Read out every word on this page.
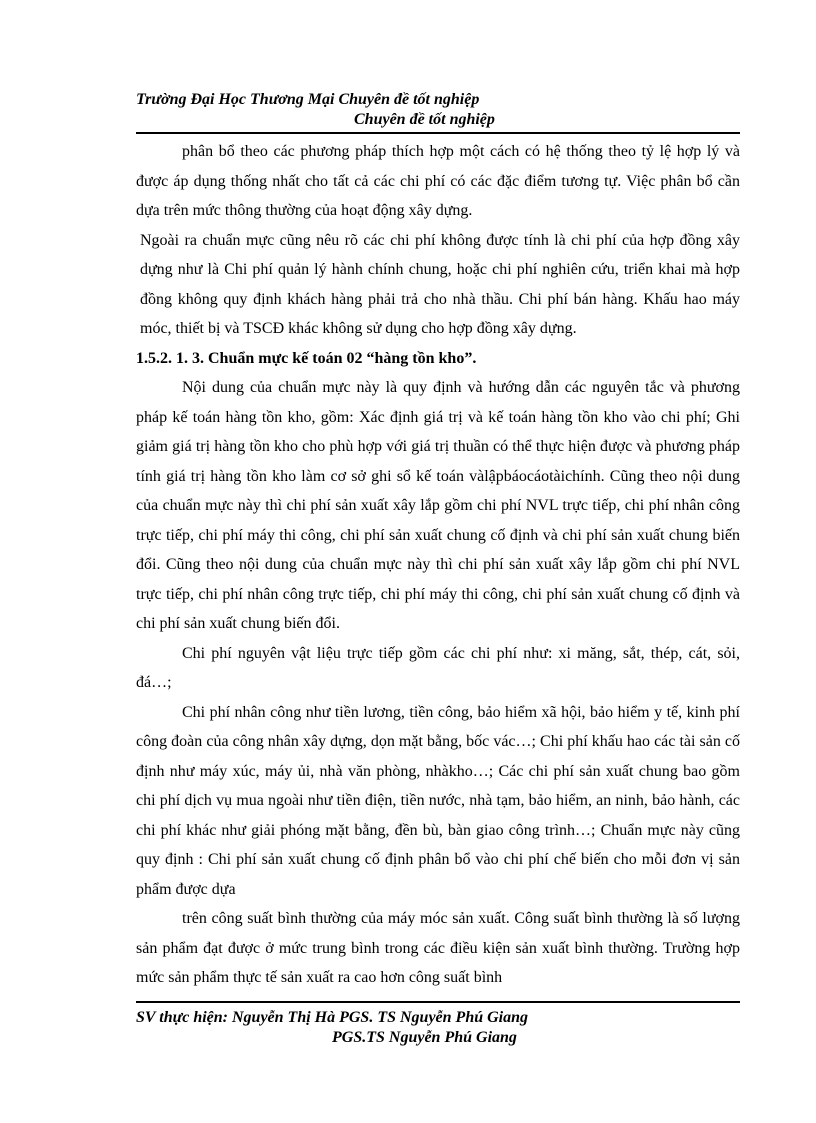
Trường Đại Học Thương Mại Chuyên đề tốt nghiệp
Chuyên đề tốt nghiệp

phân bổ theo các phương pháp thích hợp một cách có hệ thống theo tỷ lệ hợp lý và được áp dụng thống nhất cho tất cả các chi phí có các đặc điểm tương tự. Việc phân bổ cần dựa trên mức thông thường của hoạt động xây dựng.

Ngoài ra chuẩn mực cũng nêu rõ các chi phí không được tính là chi phí của hợp đồng xây dựng như là Chi phí quản lý hành chính chung, hoặc chi phí nghiên cứu, triển khai mà hợp đồng không quy định khách hàng phải trả cho nhà thầu. Chi phí bán hàng. Khấu hao máy móc, thiết bị và TSCĐ khác không sử dụng cho hợp đồng xây dựng.

1.5.2. 1. 3. Chuẩn mực kế toán 02 “hàng tồn kho”.

Nội dung của chuẩn mực này là quy định và hướng dẫn các nguyên tắc và phương pháp kế toán hàng tồn kho, gồm: Xác định giá trị và kế toán hàng tồn kho vào chi phí; Ghi giảm giá trị hàng tồn kho cho phù hợp với giá trị thuần có thể thực hiện được và phương pháp tính giá trị hàng tồn kho làm cơ sở ghi sổ kế toán vàlậpbáocáotàichính. Cũng theo nội dung của chuẩn mực này thì chi phí sản xuất xây lắp gồm chi phí NVL trực tiếp, chi phí nhân công trực tiếp, chi phí máy thi công, chi phí sản xuất chung cố định và chi phí sản xuất chung biến đổi. Cũng theo nội dung của chuẩn mực này thì chi phí sản xuất xây lắp gồm chi phí NVL trực tiếp, chi phí nhân công trực tiếp, chi phí máy thi công, chi phí sản xuất chung cố định và chi phí sản xuất chung biến đổi.

Chi phí nguyên vật liệu trực tiếp gồm các chi phí như: xi măng, sắt, thép, cát, sỏi, đá…;

Chi phí nhân công như tiền lương, tiền công, bảo hiểm xã hội, bảo hiểm y tế, kinh phí công đoàn của công nhân xây dựng, dọn mặt bằng, bốc vác…; Chi phí khấu hao các tài sản cố định như máy xúc, máy ủi, nhà văn phòng, nhàkho…; Các chi phí sản xuất chung bao gồm chi phí dịch vụ mua ngoài như tiền điện, tiền nước, nhà tạm, bảo hiểm, an ninh, bảo hành, các chi phí khác như giải phóng mặt bằng, đền bù, bàn giao công trình…; Chuẩn mực này cũng quy định : Chi phí sản xuất chung cố định phân bổ vào chi phí chế biến cho mỗi đơn vị sản phẩm được dựa

trên công suất bình thường của máy móc sản xuất. Công suất bình thường là số lượng sản phẩm đạt được ở mức trung bình trong các điều kiện sản xuất bình thường. Trường hợp mức sản phẩm thực tế sản xuất ra cao hơn công suất bình

SV thực hiện: Nguyễn Thị Hà PGS. TS Nguyễn Phú Giang
PGS.TS Nguyễn Phú Giang
